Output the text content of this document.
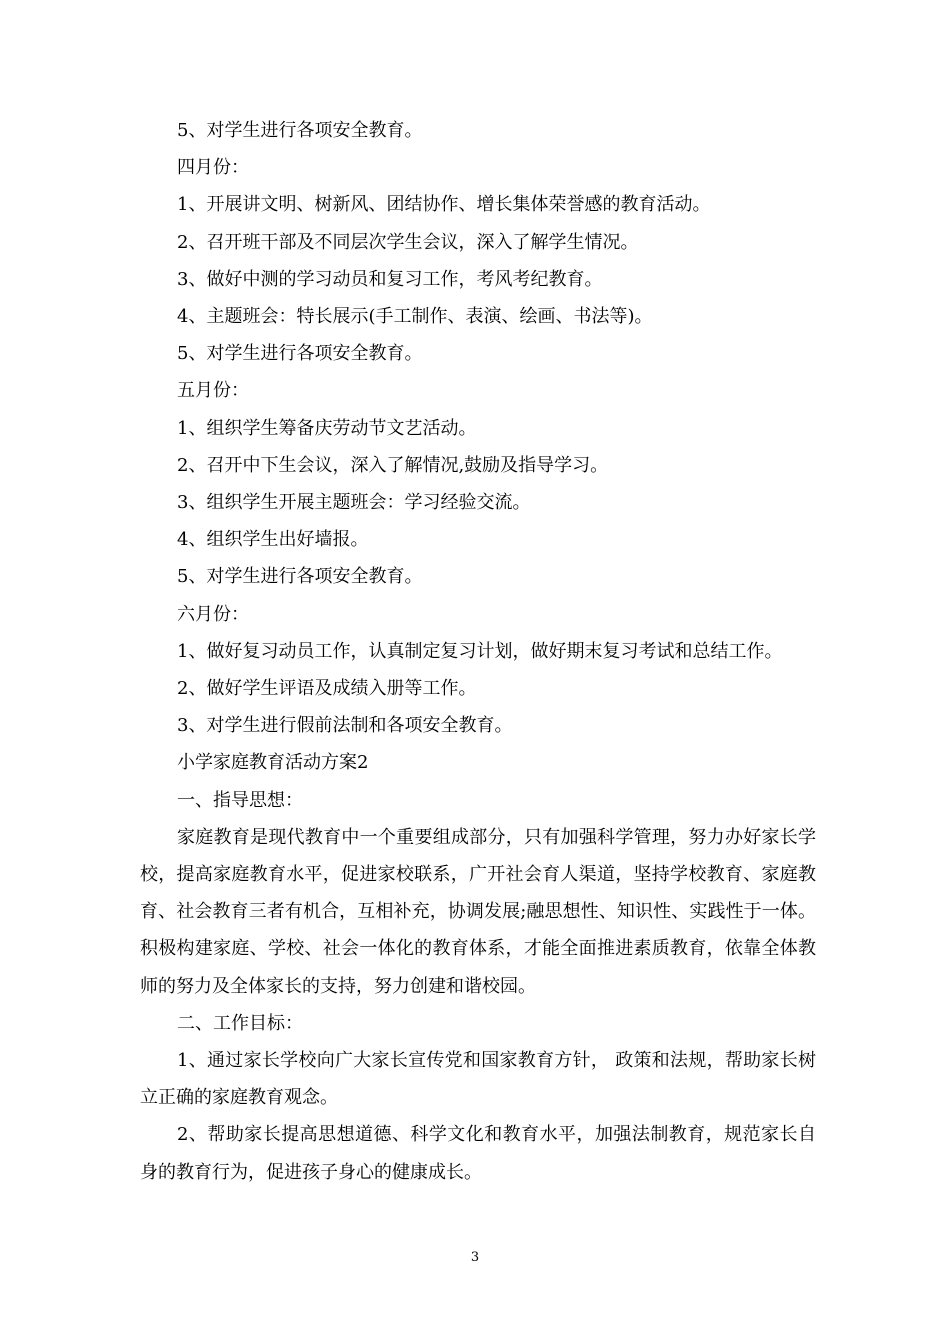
5、对学生进行各项安全教育。

四月份：

1、开展讲文明、树新风、团结协作、增长集体荣誉感的教育活动。

2、召开班干部及不同层次学生会议，深入了解学生情况。

3、做好中测的学习动员和复习工作，考风考纪教育。

4、主题班会：特长展示(手工制作、表演、绘画、书法等)。

5、对学生进行各项安全教育。

五月份：

1、组织学生筹备庆劳动节文艺活动。

2、召开中下生会议，深入了解情况,鼓励及指导学习。

3、组织学生开展主题班会：学习经验交流。

4、组织学生出好墙报。

5、对学生进行各项安全教育。

六月份：

1、做好复习动员工作，认真制定复习计划，做好期末复习考试和总结工作。

2、做好学生评语及成绩入册等工作。

3、对学生进行假前法制和各项安全教育。

小学家庭教育活动方案2

一、指导思想：

家庭教育是现代教育中一个重要组成部分，只有加强科学管理，努力办好家长学校，提高家庭教育水平，促进家校联系，广开社会育人渠道，坚持学校教育、家庭教育、社会教育三者有机合，互相补充，协调发展;融思想性、知识性、实践性于一体。积极构建家庭、学校、社会一体化的教育体系，才能全面推进素质教育，依靠全体教师的努力及全体家长的支持，努力创建和谐校园。

二、工作目标：

1、通过家长学校向广大家长宣传党和国家教育方针， 政策和法规，帮助家长树立正确的家庭教育观念。

2、帮助家长提高思想道德、科学文化和教育水平，加强法制教育，规范家长自身的教育行为，促进孩子身心的健康成长。

3
